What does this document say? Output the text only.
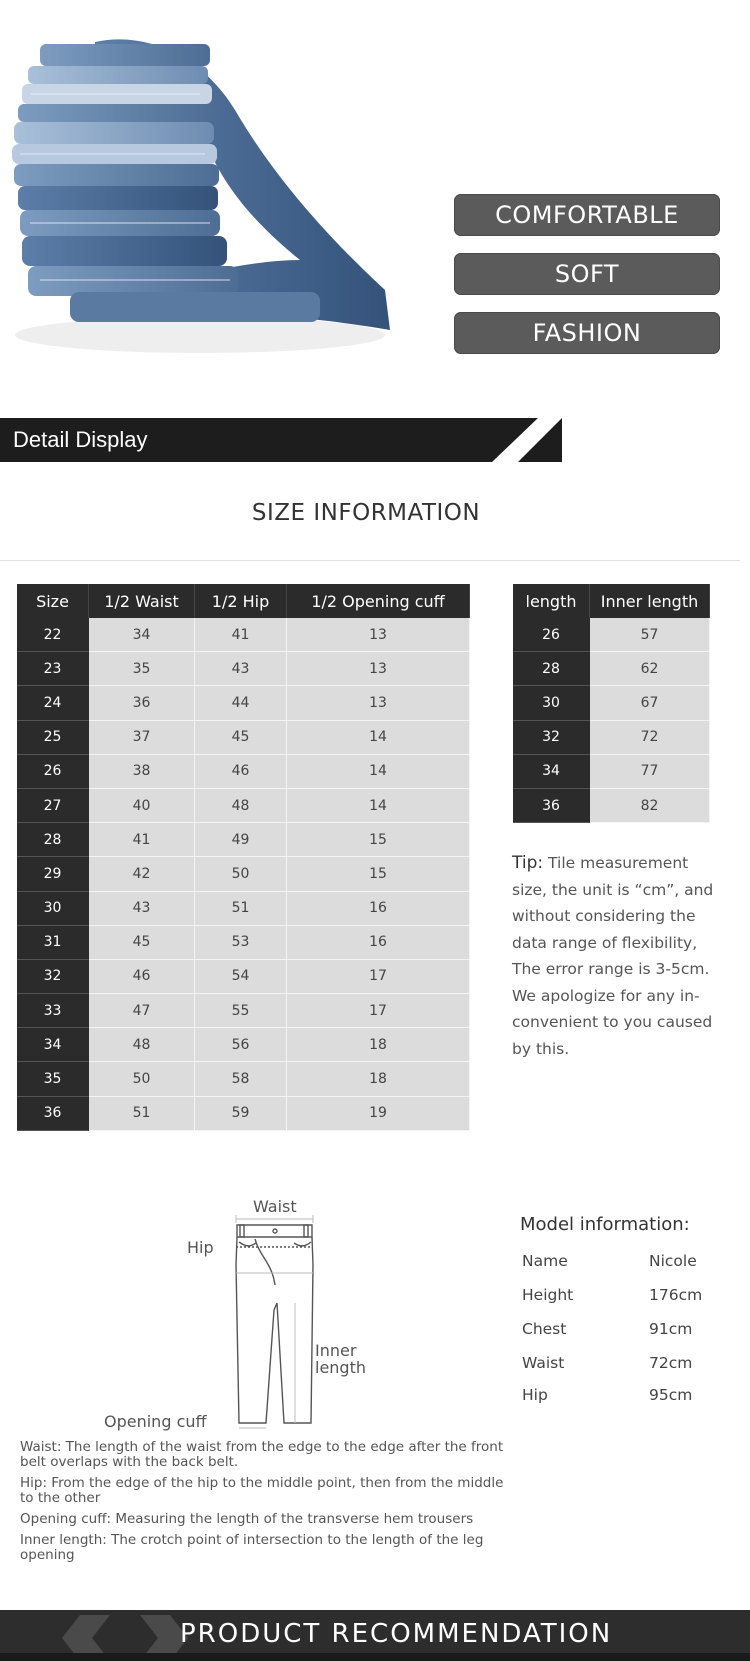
COMFORTABLE
SOFT
FASHION
Detail Display
SIZE INFORMATION
Size	1/2 Waist	1/2 Hip	1/2 Opening cuff
22	34	41	13
23	35	43	13
24	36	44	13
25	37	45	14
26	38	46	14
27	40	48	14
28	41	49	15
29	42	50	15
30	43	51	16
31	45	53	16
32	46	54	17
33	47	55	17
34	48	56	18
35	50	58	18
36	51	59	19
length	Inner length
26	57
28	62
30	67
32	72
34	77
36	82
Tip: Tile measurement size, the unit is “cm”, and without considering the data range of flexibility, The error range is 3-5cm. We apologize for any in-convenient to you caused by this.
Waist
Hip
Inner
length
Opening cuff
Model information:
Name	Nicole
Height	176cm
Chest	91cm
Waist	72cm
Hip	95cm

Waist: The length of the waist from the edge to the edge after the front belt overlaps with the back belt.

Hip: From the edge of the hip to the middle point, then from the middle to the other

Opening cuff: Measuring the length of the transverse hem trousers

Inner length: The crotch point of intersection to the length of the leg opening

PRODUCT RECOMMENDATION
